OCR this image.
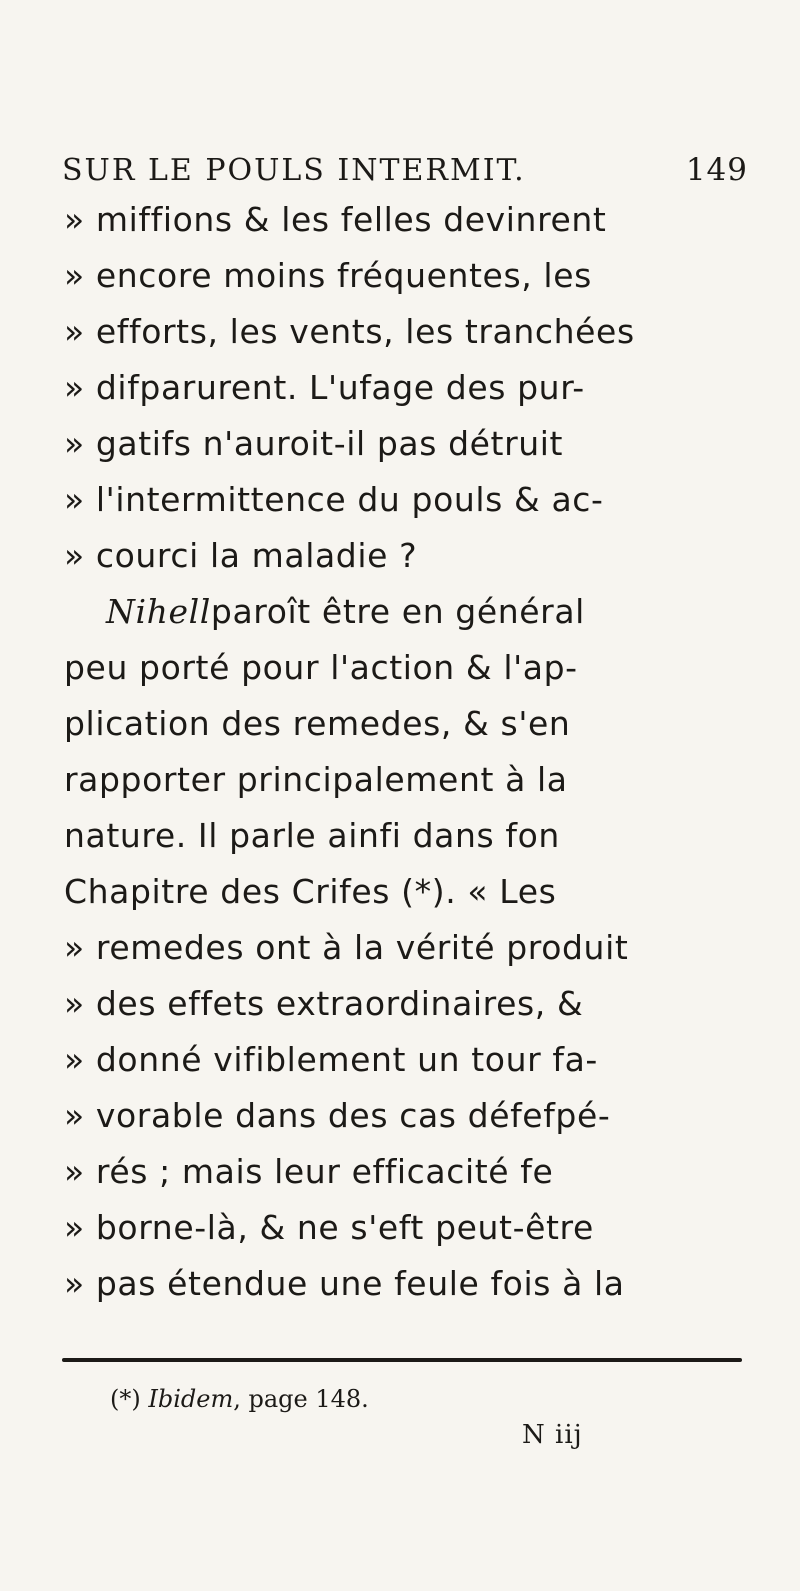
SUR LE POULS INTERMIT.	149
» miffions & les felles devinrent
» encore moins fréquentes, les
» efforts, les vents, les tranchées
» difparurent. L'ufage des pur-
» gatifs n'auroit-il pas détruit
» l'intermittence du pouls & ac-
» courci la maladie ?
Nihellparoît être en général
peu porté pour l'action & l'ap-
plication des remedes, & s'en
rapporter principalement à la
nature. Il parle ainfi dans fon
Chapitre des Crifes (*). « Les
» remedes ont à la vérité produit
» des effets extraordinaires, &
» donné vifiblement un tour fa-
» vorable dans des cas défefpé-
» rés ; mais leur efficacité fe
» borne-là, & ne s'eft peut-être
» pas étendue une feule fois à la
(*) Ibidem, page 148.
N iij
